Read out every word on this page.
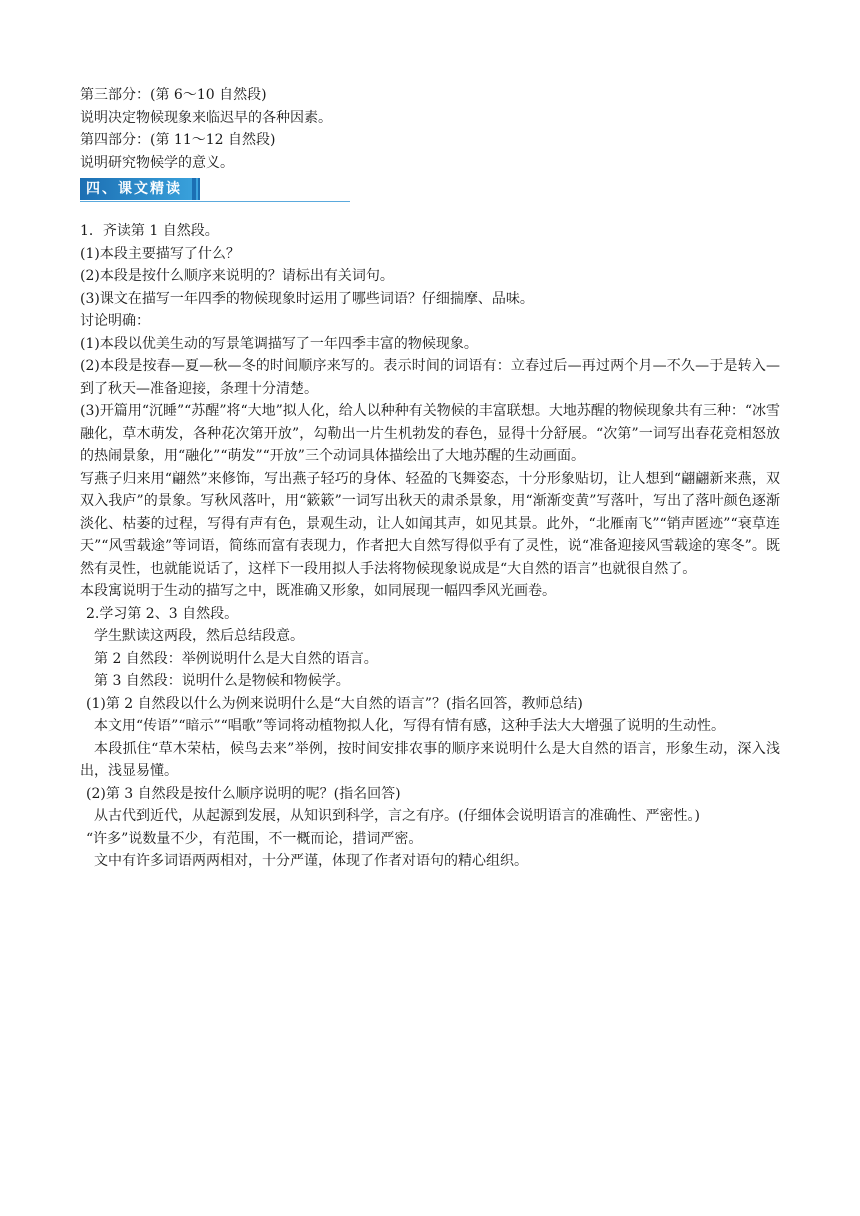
第三部分：(第 6～10 自然段)

说明决定物候现象来临迟早的各种因素。

第四部分：(第 11～12 自然段)

说明研究物候学的意义。

四、课文精读

1．齐读第 1 自然段。

(1)本段主要描写了什么？

(2)本段是按什么顺序来说明的？请标出有关词句。

(3)课文在描写一年四季的物候现象时运用了哪些词语？仔细揣摩、品味。

讨论明确：

(1)本段以优美生动的写景笔调描写了一年四季丰富的物候现象。

(2)本段是按春—夏—秋—冬的时间顺序来写的。表示时间的词语有：立春过后—再过两个月—不久—于是转入—到了秋天—准备迎接，条理十分清楚。

(3)开篇用“沉睡”“苏醒”将“大地”拟人化，给人以种种有关物候的丰富联想。大地苏醒的物候现象共有三种：“冰雪融化，草木萌发，各种花次第开放”，勾勒出一片生机勃发的春色，显得十分舒展。“次第”一词写出春花竞相怒放的热闹景象，用“融化”“萌发”“开放”三个动词具体描绘出了大地苏醒的生动画面。

写燕子归来用“翩然”来修饰，写出燕子轻巧的身体、轻盈的飞舞姿态，十分形象贴切，让人想到“翩翩新来燕，双双入我庐”的景象。写秋风落叶，用“簌簌”一词写出秋天的肃杀景象，用“渐渐变黄”写落叶，写出了落叶颜色逐渐淡化、枯萎的过程，写得有声有色，景观生动，让人如闻其声，如见其景。此外，“北雁南飞”“销声匿迹”“衰草连天”“风雪载途”等词语，简练而富有表现力，作者把大自然写得似乎有了灵性，说“准备迎接风雪载途的寒冬”。既然有灵性，也就能说话了，这样下一段用拟人手法将物候现象说成是“大自然的语言”也就很自然了。

本段寓说明于生动的描写之中，既准确又形象，如同展现一幅四季风光画卷。

2.学习第 2、3 自然段。

学生默读这两段，然后总结段意。

第 2 自然段：举例说明什么是大自然的语言。

第 3 自然段：说明什么是物候和物候学。

(1)第 2 自然段以什么为例来说明什么是“大自然的语言”？(指名回答，教师总结)

本文用“传语”“暗示”“唱歌”等词将动植物拟人化，写得有情有感，这种手法大大增强了说明的生动性。

本段抓住“草木荣枯，候鸟去来”举例，按时间安排农事的顺序来说明什么是大自然的语言，形象生动，深入浅出，浅显易懂。

(2)第 3 自然段是按什么顺序说明的呢？(指名回答)

从古代到近代，从起源到发展，从知识到科学，言之有序。(仔细体会说明语言的准确性、严密性。)

“许多”说数量不少，有范围，不一概而论，措词严密。

文中有许多词语两两相对，十分严谨，体现了作者对语句的精心组织。
